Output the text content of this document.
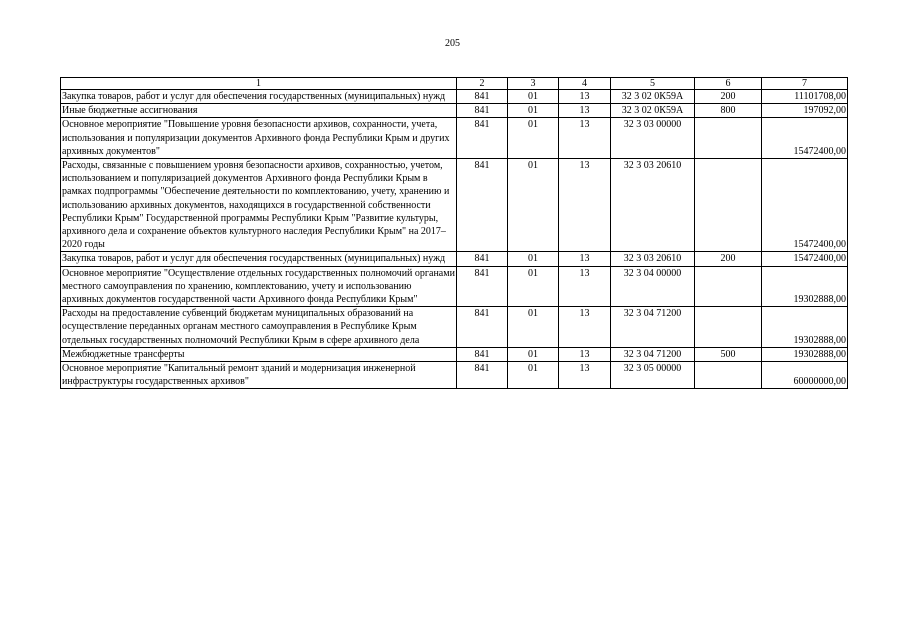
205
1	2	3	4	5	6	7
Закупка товаров, работ и услуг для обеспечения государственных (муниципальных) нужд	841	01	13	32 3 02 0К59А	200	11101708,00
Иные бюджетные ассигнования	841	01	13	32 3 02 0К59А	800	197092,00
Основное мероприятие "Повышение уровня безопасности архивов, сохранности, учета, использования и популяризации документов Архивного фонда Республики Крым и других архивных документов"	841	01	13	32 3 03 00000		15472400,00
Расходы, связанные с повышением уровня безопасности архивов, сохранностью, учетом, использованием и популяризацией документов Архивного фонда Республики Крым в рамках подпрограммы "Обеспечение деятельности по комплектованию, учету, хранению и использованию архивных документов, находящихся в государственной собственности Республики Крым" Государственной программы Республики Крым "Развитие культуры, архивного дела и сохранение объектов культурного наследия Республики Крым" на 2017–2020 годы	841	01	13	32 3 03 20610		15472400,00
Закупка товаров, работ и услуг для обеспечения государственных (муниципальных) нужд	841	01	13	32 3 03 20610	200	15472400,00
Основное мероприятие "Осуществление отдельных государственных полномочий органами местного самоуправления по хранению, комплектованию, учету и использованию архивных документов государственной части Архивного фонда Республики Крым"	841	01	13	32 3 04 00000		19302888,00
Расходы на предоставление субвенций бюджетам муниципальных образований на осуществление переданных органам местного самоуправления в Республике Крым отдельных государственных полномочий Республики Крым в сфере архивного дела	841	01	13	32 3 04 71200		19302888,00
Межбюджетные трансферты	841	01	13	32 3 04 71200	500	19302888,00
Основное мероприятие "Капитальный ремонт зданий и модернизация инженерной инфраструктуры государственных архивов"	841	01	13	32 3 05 00000		60000000,00
